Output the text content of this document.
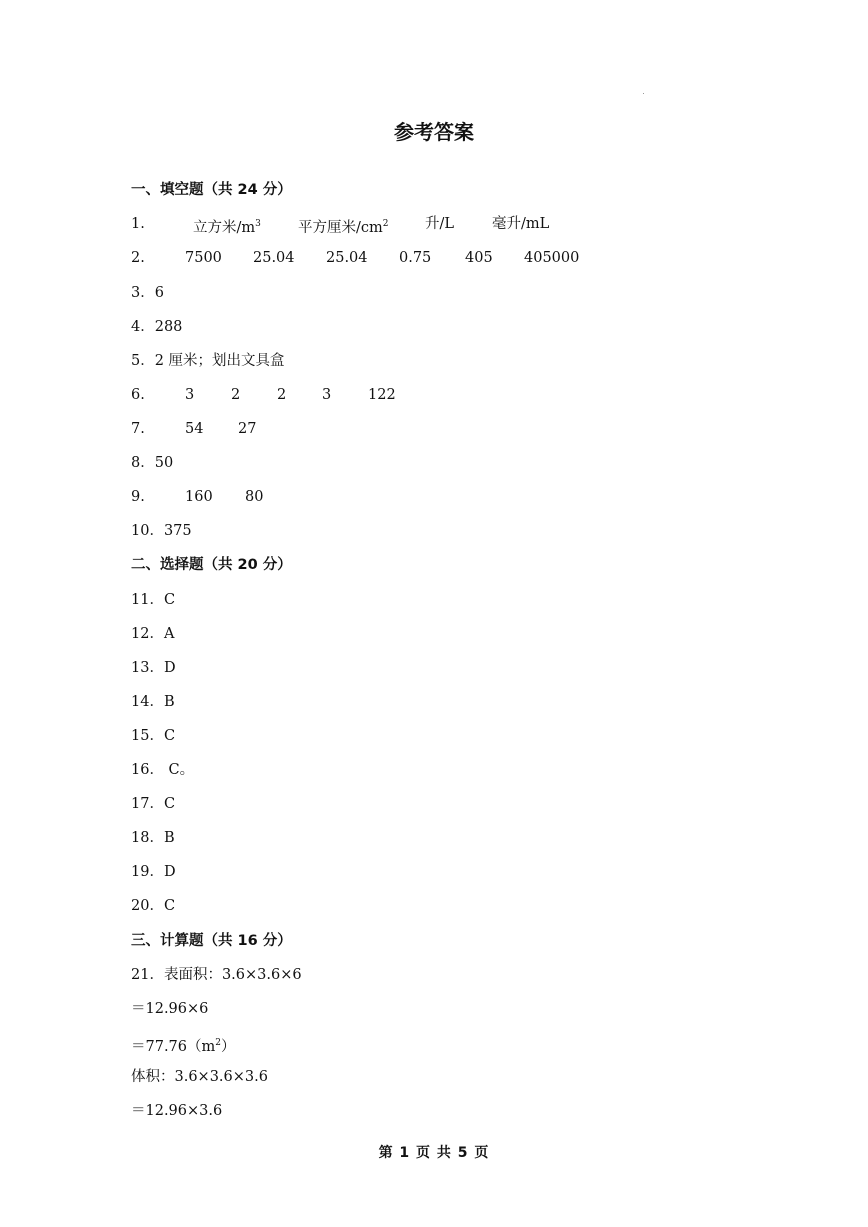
参考答案
一、填空题（共 24 分）
1.	立方米$/m^3$	平方厘米$/cm^2$	升/L	毫升/mL
2.	7500 25.04 25.04 0.75 405 405000
3．6
4．288
5．2 厘米；划出文具盒
6.	3	2	2 3	122
7.	54 27
8．50
9.	160 80
10．375
二、选择题（共 20 分）
11．C
12．A
13．D
14．B
15．C
16． C。
17．C
18．B
19．D
20．C
三、计算题（共 16 分）
21．表面积：3.6×3.6×6
＝12.96×6
$=77.76(m^2)$
体积：3.6×3.6×3.6
＝12.96×3.6
第 1 页 共 5 页
